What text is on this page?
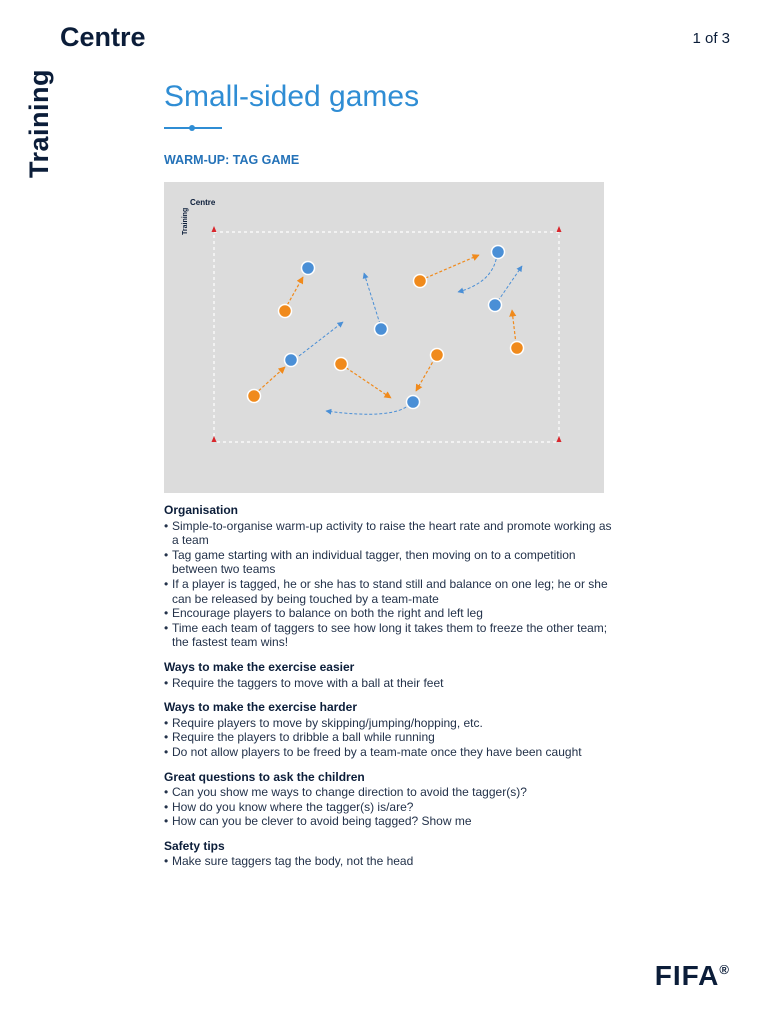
Training
Centre	1 of 3
Small-sided games
WARM-UP: TAG GAME
Training
Centre
Organisation
• Simple-to-organise warm-up activity to raise the heart rate and promote working as a team
• Tag game starting with an individual tagger, then moving on to a competition between two teams
• If a player is tagged, he or she has to stand still and balance on one leg; he or she can be released by being touched by a team-mate
• Encourage players to balance on both the right and left leg
• Time each team of taggers to see how long it takes them to freeze the other team; the fastest team wins!
Ways to make the exercise easier
• Require the taggers to move with a ball at their feet
Ways to make the exercise harder
• Require players to move by skipping/jumping/hopping, etc.
• Require the players to dribble a ball while running
• Do not allow players to be freed by a team-mate once they have been caught
Great questions to ask the children
• Can you show me ways to change direction to avoid the tagger(s)?
• How do you know where the tagger(s) is/are?
• How can you be clever to avoid being tagged? Show me
Safety tips
• Make sure taggers tag the body, not the head
FIFA®
